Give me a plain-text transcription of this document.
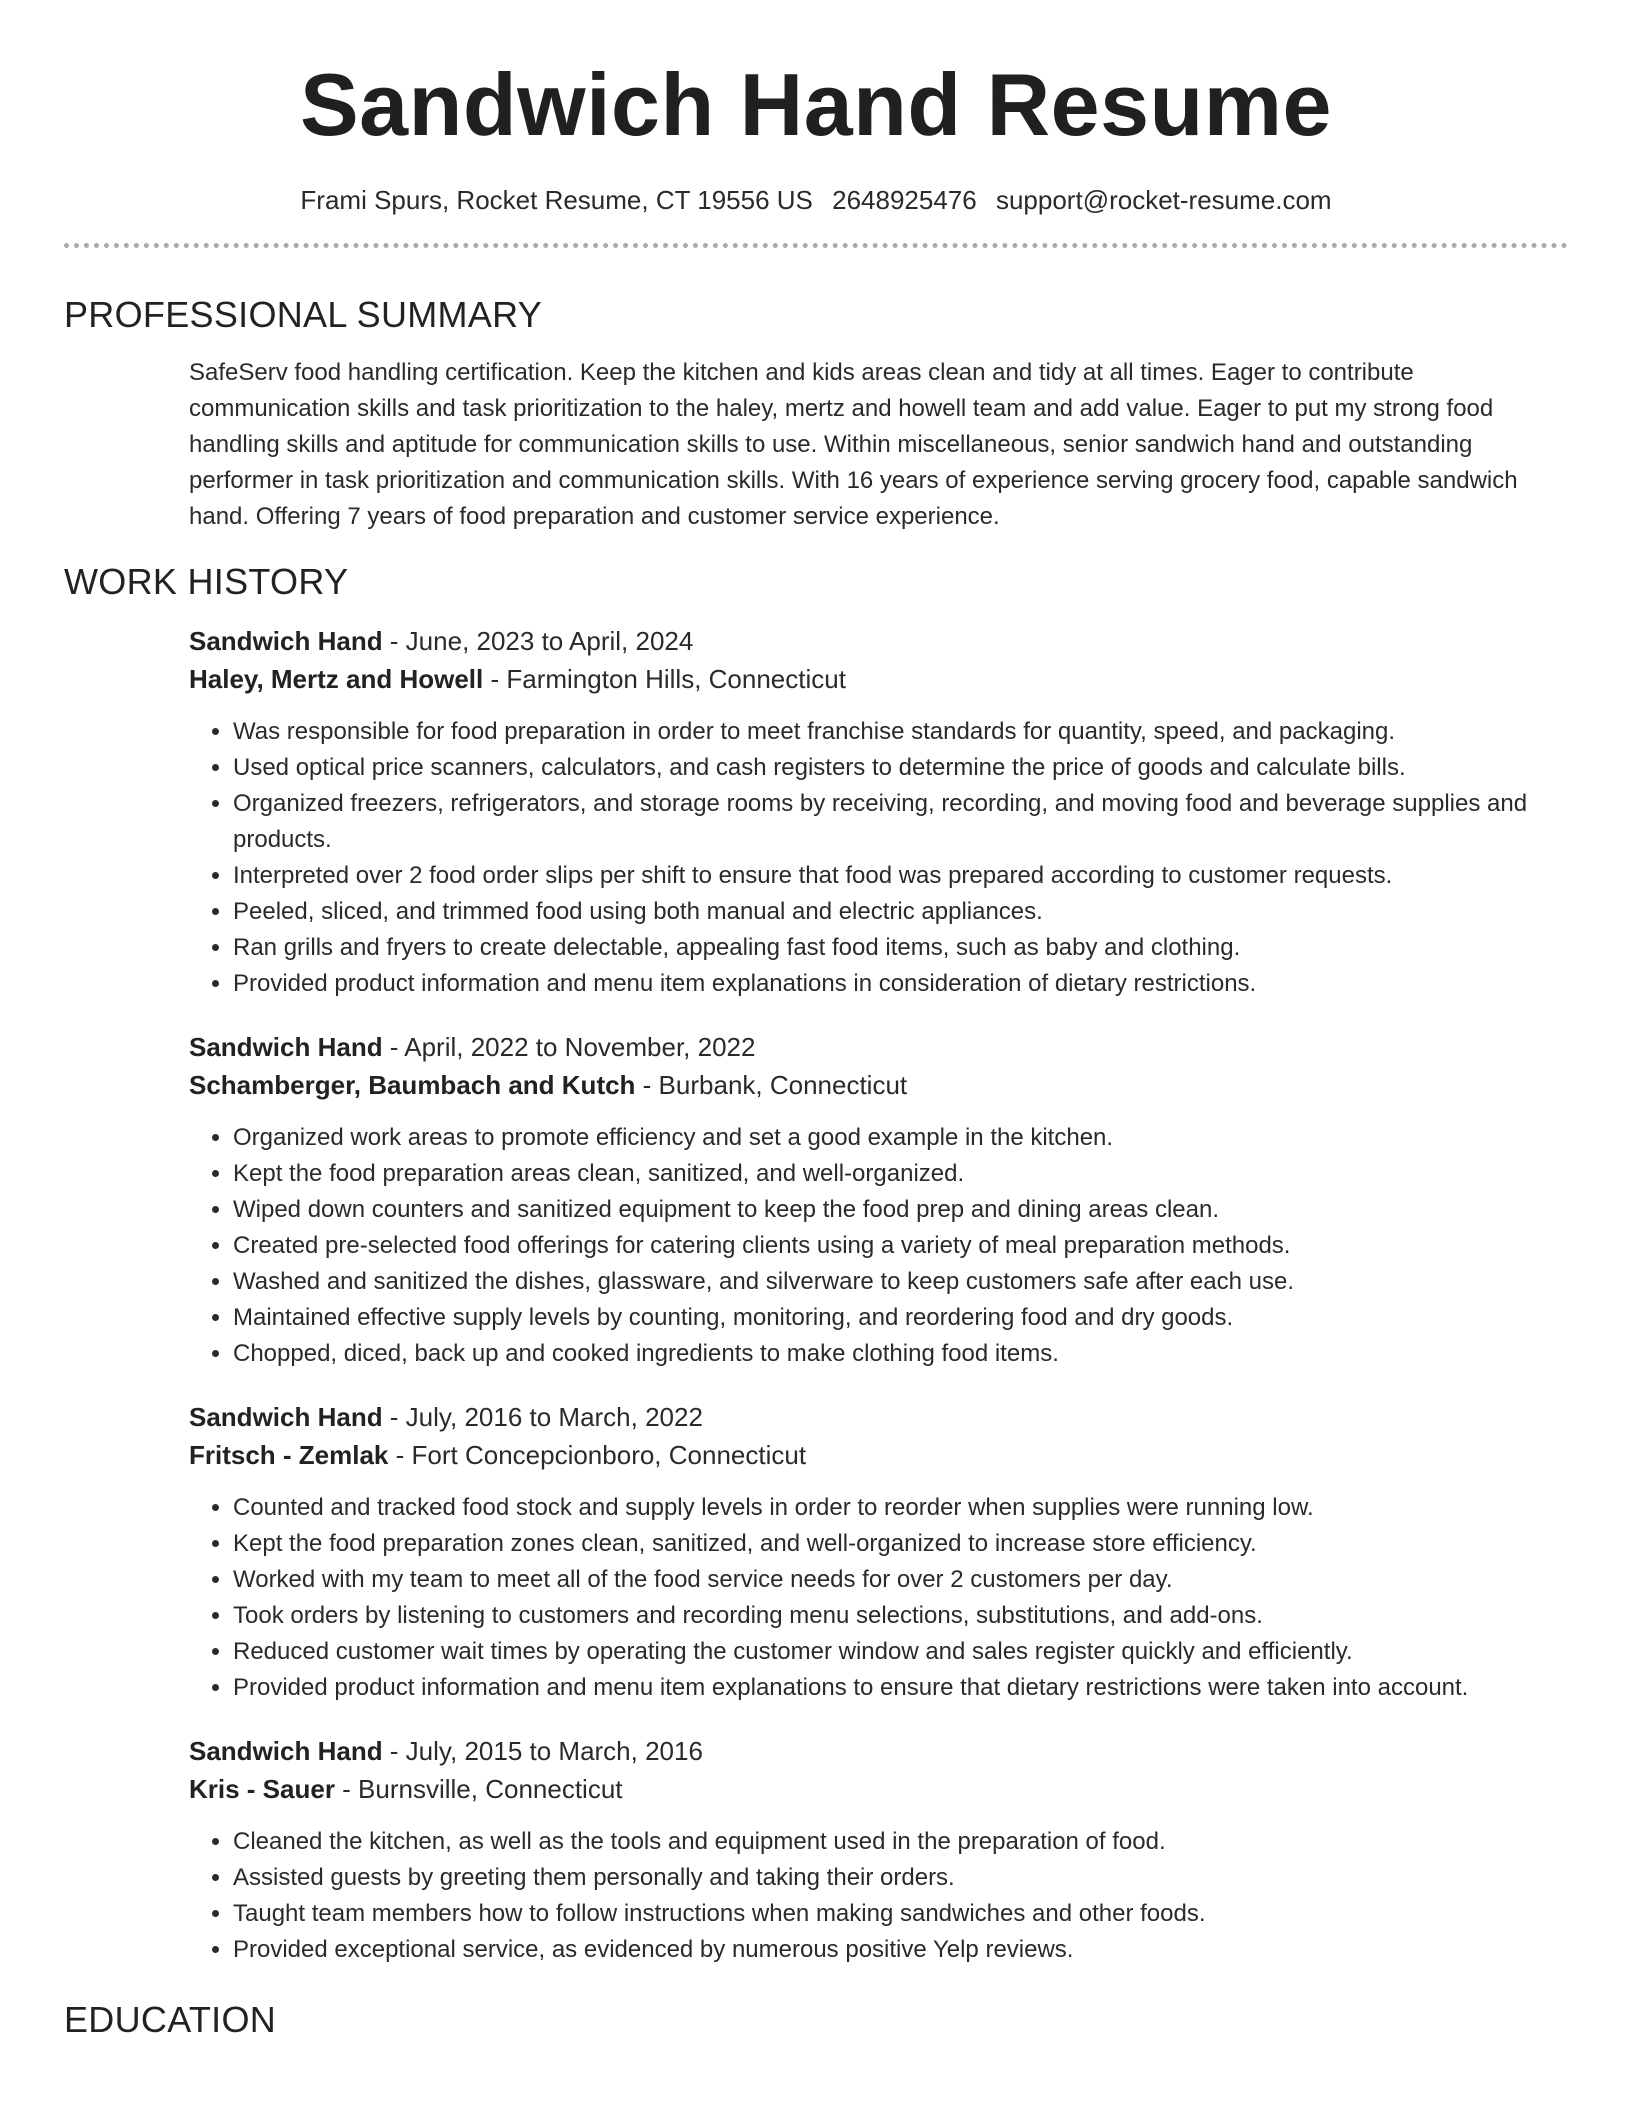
Sandwich Hand Resume
Frami Spurs, Rocket Resume, CT 19556 US 2648925476 support@rocket-resume.com
PROFESSIONAL SUMMARY
SafeServ food handling certification. Keep the kitchen and kids areas clean and tidy at all times. Eager to contribute communication skills and task prioritization to the haley, mertz and howell team and add value. Eager to put my strong food handling skills and aptitude for communication skills to use. Within miscellaneous, senior sandwich hand and outstanding performer in task prioritization and communication skills. With 16 years of experience serving grocery food, capable sandwich hand. Offering 7 years of food preparation and customer service experience.
WORK HISTORY
Sandwich Hand - June, 2023 to April, 2024
Haley, Mertz and Howell - Farmington Hills, Connecticut
• Was responsible for food preparation in order to meet franchise standards for quantity, speed, and packaging.
• Used optical price scanners, calculators, and cash registers to determine the price of goods and calculate bills.
• Organized freezers, refrigerators, and storage rooms by receiving, recording, and moving food and beverage supplies and products.
• Interpreted over 2 food order slips per shift to ensure that food was prepared according to customer requests.
• Peeled, sliced, and trimmed food using both manual and electric appliances.
• Ran grills and fryers to create delectable, appealing fast food items, such as baby and clothing.
• Provided product information and menu item explanations in consideration of dietary restrictions.
Sandwich Hand - April, 2022 to November, 2022
Schamberger, Baumbach and Kutch - Burbank, Connecticut
• Organized work areas to promote efficiency and set a good example in the kitchen.
• Kept the food preparation areas clean, sanitized, and well-organized.
• Wiped down counters and sanitized equipment to keep the food prep and dining areas clean.
• Created pre-selected food offerings for catering clients using a variety of meal preparation methods.
• Washed and sanitized the dishes, glassware, and silverware to keep customers safe after each use.
• Maintained effective supply levels by counting, monitoring, and reordering food and dry goods.
• Chopped, diced, back up and cooked ingredients to make clothing food items.
Sandwich Hand - July, 2016 to March, 2022
Fritsch - Zemlak - Fort Concepcionboro, Connecticut
• Counted and tracked food stock and supply levels in order to reorder when supplies were running low.
• Kept the food preparation zones clean, sanitized, and well-organized to increase store efficiency.
• Worked with my team to meet all of the food service needs for over 2 customers per day.
• Took orders by listening to customers and recording menu selections, substitutions, and add-ons.
• Reduced customer wait times by operating the customer window and sales register quickly and efficiently.
• Provided product information and menu item explanations to ensure that dietary restrictions were taken into account.
Sandwich Hand - July, 2015 to March, 2016
Kris - Sauer - Burnsville, Connecticut
• Cleaned the kitchen, as well as the tools and equipment used in the preparation of food.
• Assisted guests by greeting them personally and taking their orders.
• Taught team members how to follow instructions when making sandwiches and other foods.
• Provided exceptional service, as evidenced by numerous positive Yelp reviews.
EDUCATION
